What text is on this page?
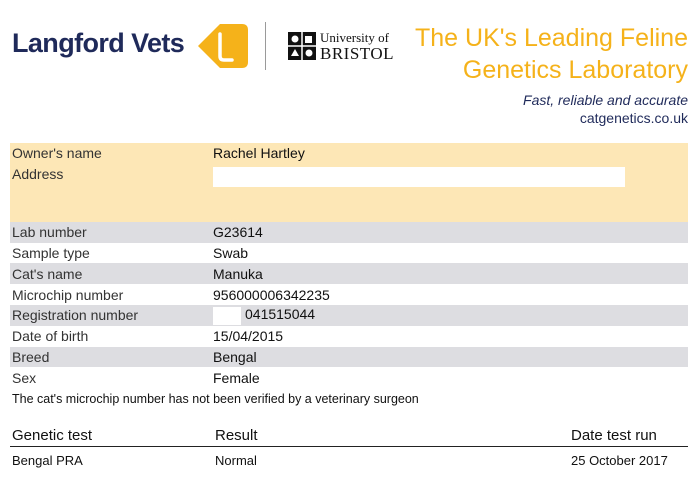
Langford Vets	University of
BRISTOL
The UK's Leading Feline
Genetics Laboratory
Fast, reliable and accurate
catgenetics.co.uk
Owner's name	Rachel Hartley
Address	

Lab number	G23614
Sample type	Swab
Cat's name	Manuka
Microchip number	956000006342235
Registration number	041515044
Date of birth	15/04/2015
Breed	Bengal
Sex	Female
The cat's microchip number has not been verified by a veterinary surgeon
Genetic test	Result	Date test run
Bengal PRA	Normal	25 October 2017
